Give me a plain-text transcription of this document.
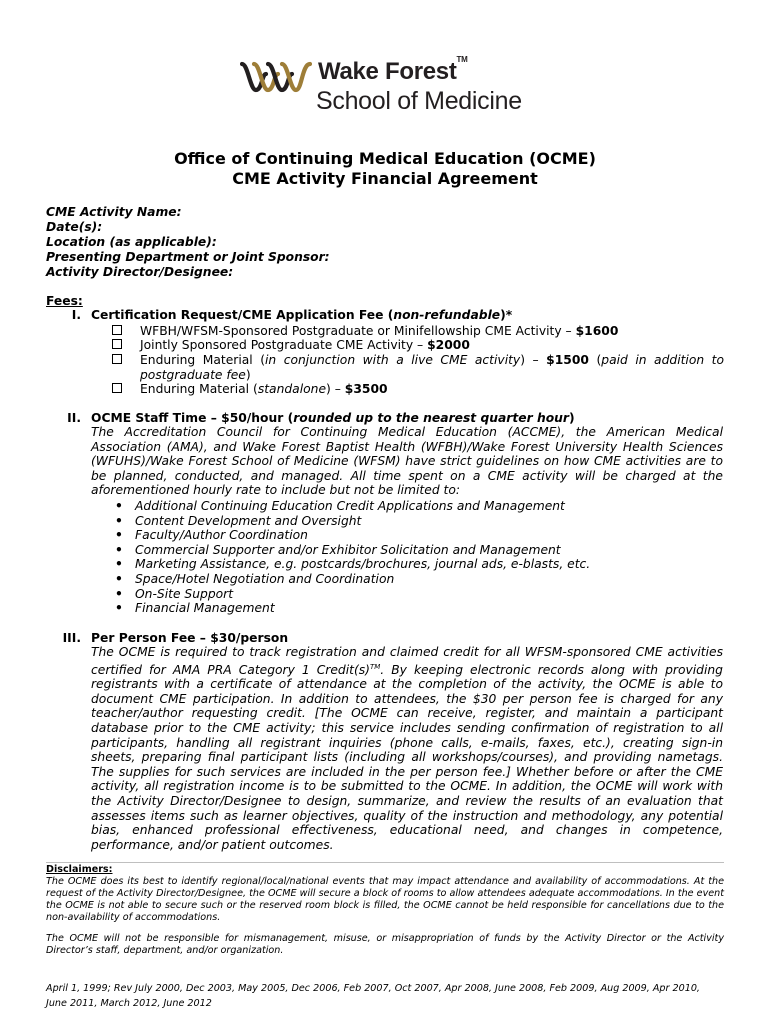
Wake Forest™
School of Medicine
Office of Continuing Medical Education (OCME)
CME Activity Financial Agreement
CME Activity Name:
Date(s):
Location (as applicable):
Presenting Department or Joint Sponsor:
Activity Director/Designee:
Fees:
I. Certification Request/CME Application Fee (non-refundable)*
WFBH/WFSM-Sponsored Postgraduate or Minifellowship CME Activity – $1600
Jointly Sponsored Postgraduate CME Activity – $2000
Enduring Material (in conjunction with a live CME activity) – $1500 (paid in addition to postgraduate fee)
Enduring Material (standalone) – $3500
II. OCME Staff Time – $50/hour (rounded up to the nearest quarter hour)
The Accreditation Council for Continuing Medical Education (ACCME), the American Medical Association (AMA), and Wake Forest Baptist Health (WFBH)/Wake Forest University Health Sciences (WFUHS)/Wake Forest School of Medicine (WFSM) have strict guidelines on how CME activities are to be planned, conducted, and managed. All time spent on a CME activity will be charged at the aforementioned hourly rate to include but not be limited to:
• Additional Continuing Education Credit Applications and Management
• Content Development and Oversight
• Faculty/Author Coordination
• Commercial Supporter and/or Exhibitor Solicitation and Management
• Marketing Assistance, e.g. postcards/brochures, journal ads, e-blasts, etc.
• Space/Hotel Negotiation and Coordination
• On-Site Support
• Financial Management
III. Per Person Fee – $30/person
The OCME is required to track registration and claimed credit for all WFSM-sponsored CME activities certified for AMA PRA Category 1 Credit(s)™. By keeping electronic records along with providing registrants with a certificate of attendance at the completion of the activity, the OCME is able to document CME participation. In addition to attendees, the $30 per person fee is charged for any teacher/author requesting credit. [The OCME can receive, register, and maintain a participant database prior to the CME activity; this service includes sending confirmation of registration to all participants, handling all registrant inquiries (phone calls, e-mails, faxes, etc.), creating sign-in sheets, preparing final participant lists (including all workshops/courses), and providing nametags. The supplies for such services are included in the per person fee.] Whether before or after the CME activity, all registration income is to be submitted to the OCME. In addition, the OCME will work with the Activity Director/Designee to design, summarize, and review the results of an evaluation that assesses items such as learner objectives, quality of the instruction and methodology, any potential bias, enhanced professional effectiveness, educational need, and changes in competence, performance, and/or patient outcomes.
Disclaimers:
The OCME does its best to identify regional/local/national events that may impact attendance and availability of accommodations. At the request of the Activity Director/Designee, the OCME will secure a block of rooms to allow attendees adequate accommodations. In the event the OCME is not able to secure such or the reserved room block is filled, the OCME cannot be held responsible for cancellations due to the non-availability of accommodations.
The OCME will not be responsible for mismanagement, misuse, or misappropriation of funds by the Activity Director or the Activity Director’s staff, department, and/or organization.
April 1, 1999; Rev July 2000, Dec 2003, May 2005, Dec 2006, Feb 2007, Oct 2007, Apr 2008, June 2008, Feb 2009, Aug 2009, Apr 2010,
June 2011, March 2012, June 2012
